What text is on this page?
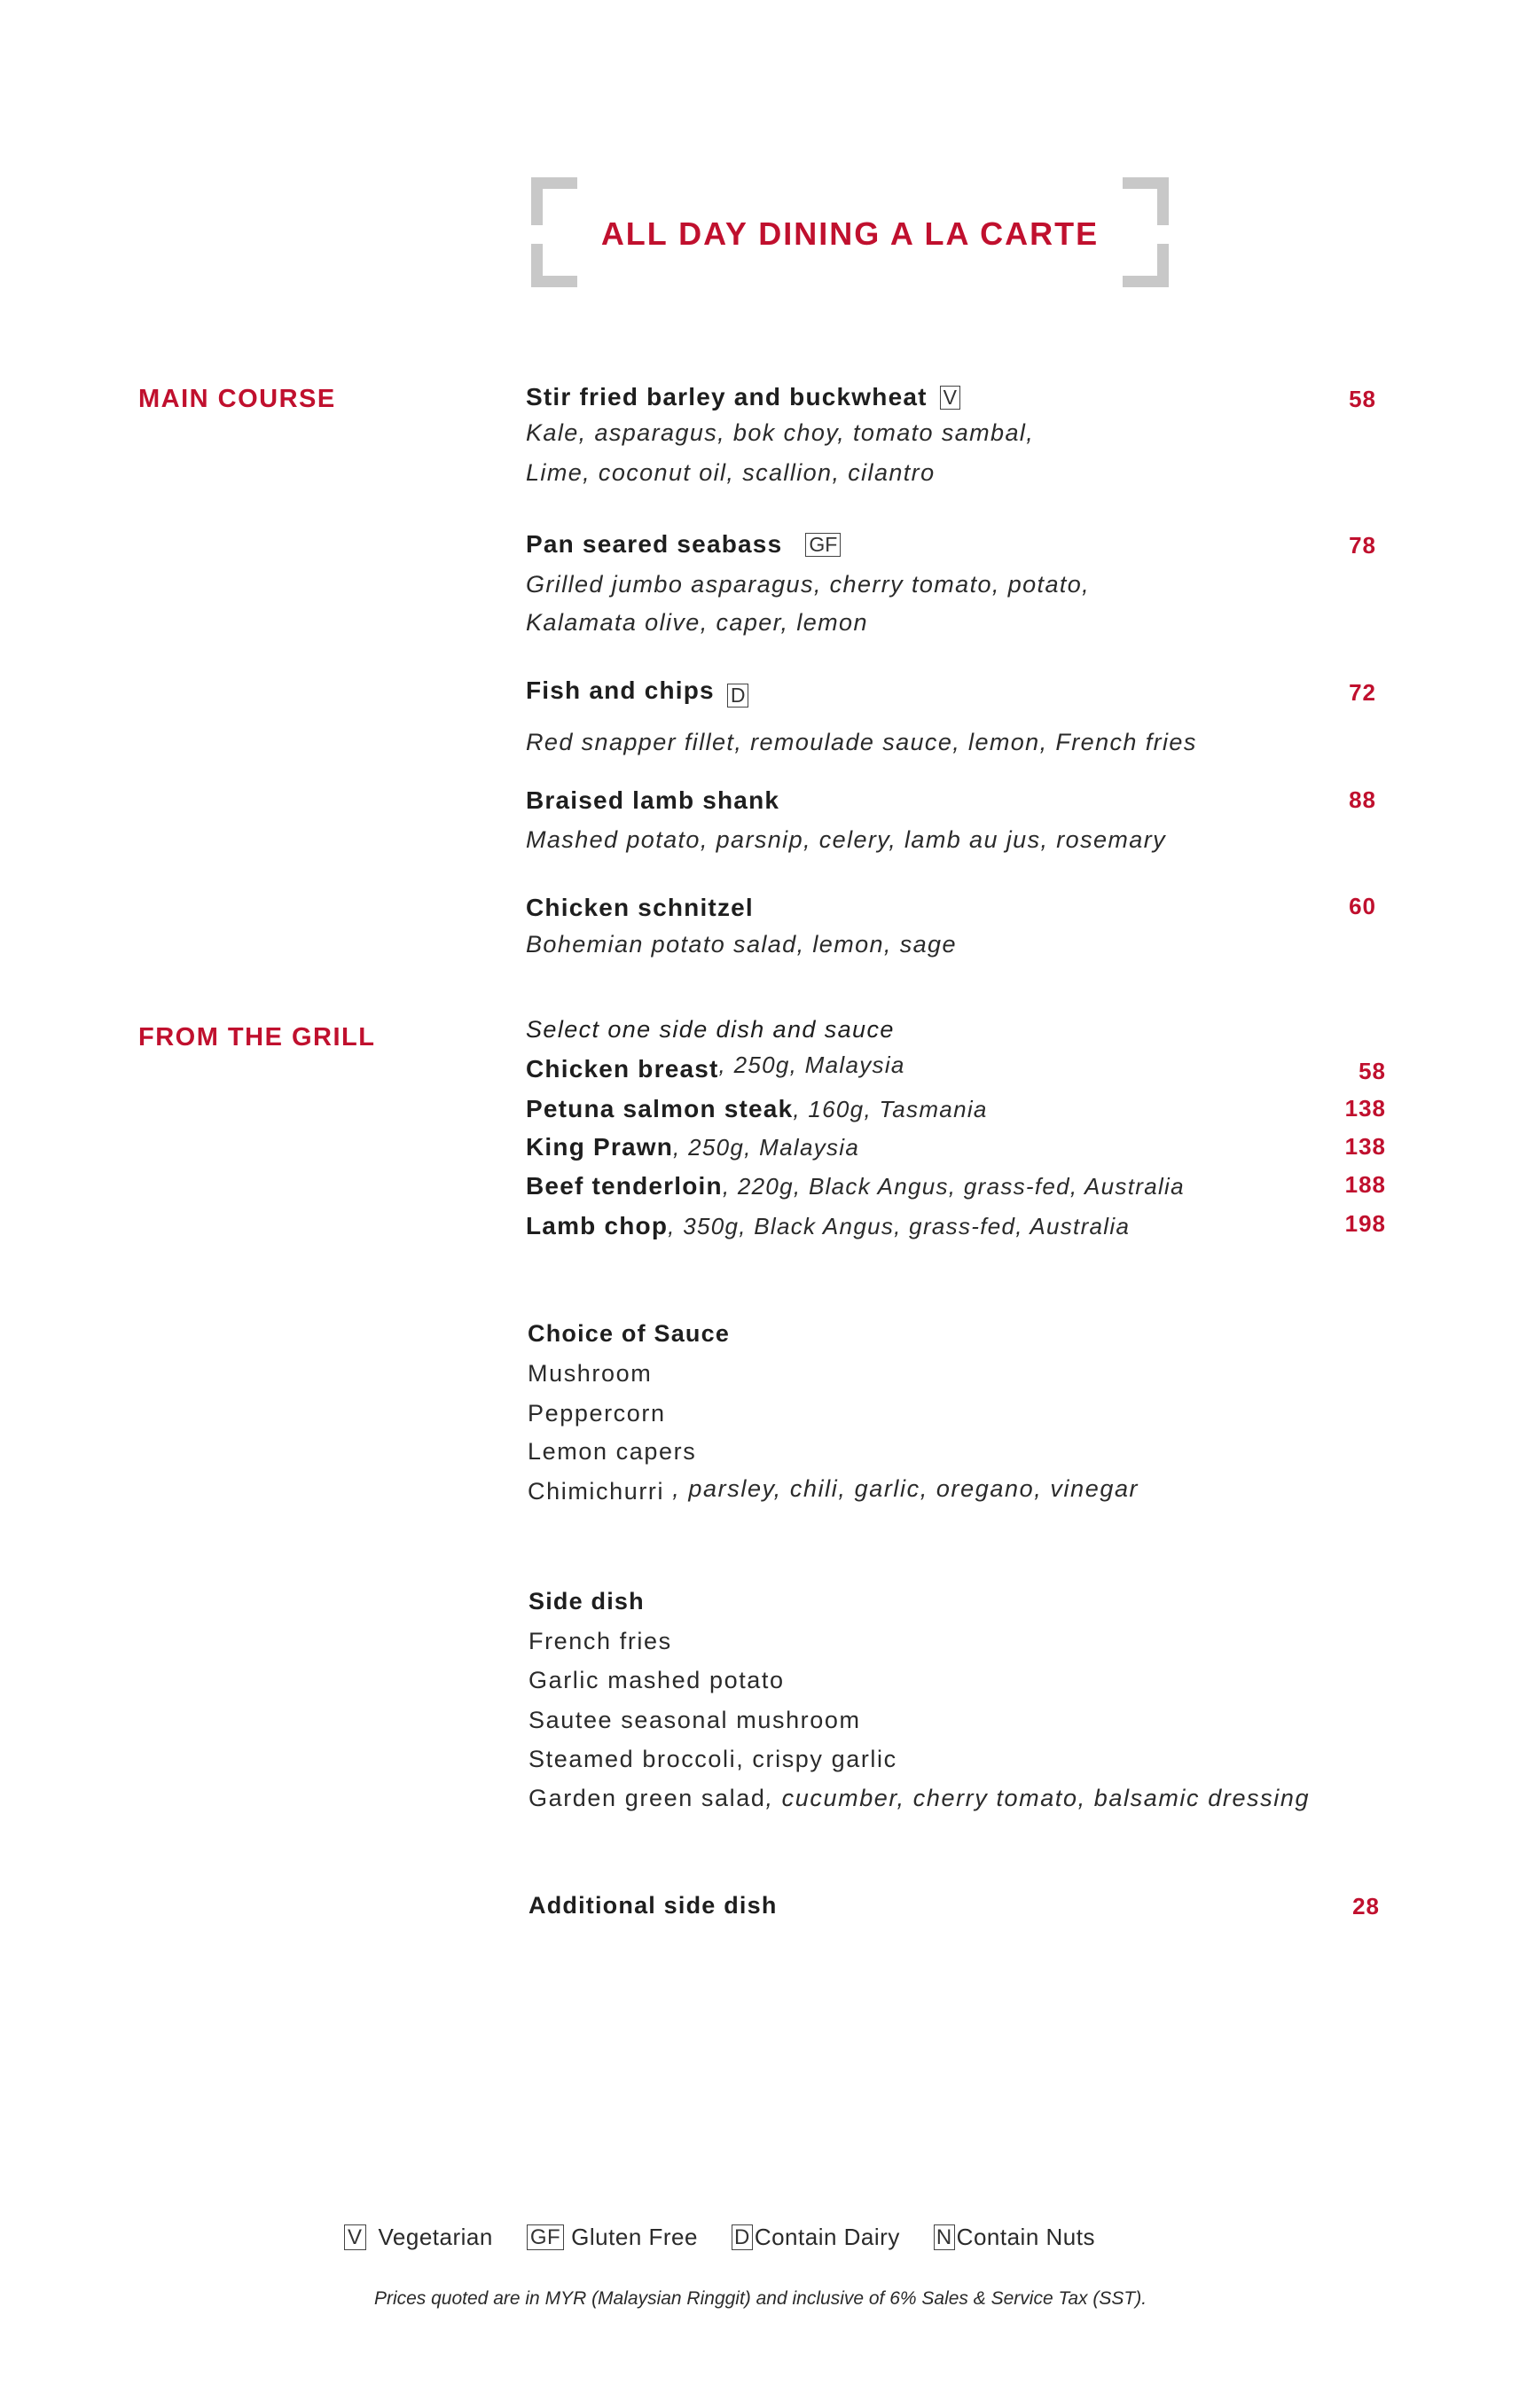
ALL DAY DINING A LA CARTE
MAIN COURSE	Stir fried barley and buckwheat V
Kale, asparagus, bok choy, tomato sambal,
Lime, coconut oil, scallion, cilantro
58
Pan seared seabass GF
Grilled jumbo asparagus, cherry tomato, potato,
Kalamata olive, caper, lemon
78
Fish and chips D
Red snapper fillet, remoulade sauce, lemon, French fries
72
Braised lamb shank
Mashed potato, parsnip, celery, lamb au jus, rosemary
88
Chicken schnitzel
Bohemian potato salad, lemon, sage
60
FROM THE GRILL	Select one side dish and sauce
Chicken breast, 250g, Malaysia	58
Petuna salmon steak, 160g, Tasmania	138
King Prawn, 250g, Malaysia	138
Beef tenderloin, 220g, Black Angus, grass-fed, Australia	188
Lamb chop, 350g, Black Angus, grass-fed, Australia	198
Choice of Sauce
Mushroom
Peppercorn
Lemon capers
Chimichurri , parsley, chili, garlic, oregano, vinegar
Side dish
French fries
Garlic mashed potato
Sautee seasonal mushroom
Steamed broccoli, crispy garlic
Garden green salad, cucumber, cherry tomato, balsamic dressing
Additional side dish	28
V Vegetarian GF Gluten Free D Contain Dairy N Contain Nuts
Prices quoted are in MYR (Malaysian Ringgit) and inclusive of 6% Sales & Service Tax (SST).
